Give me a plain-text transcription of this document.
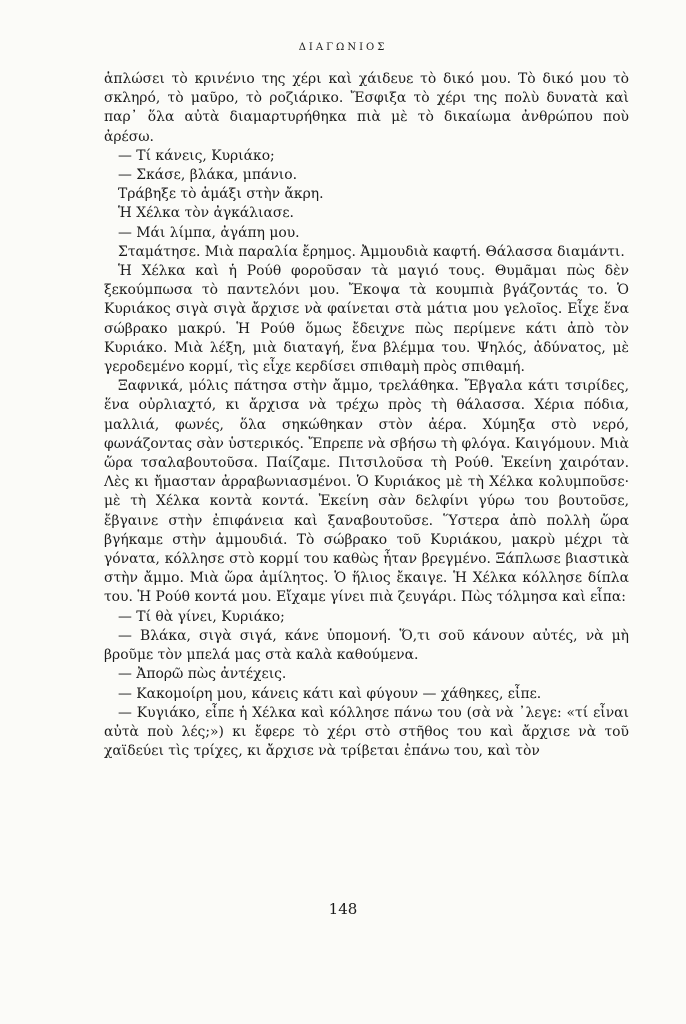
ΔΙΑΓΩΝΙΟΣ

ἁπλώσει τὸ κρινένιο της χέρι καὶ χάιδευε τὸ δικό μου. Τὸ δικό μου τὸ σκληρό, τὸ μαῦρο, τὸ ροζιάρικο. Ἔσφιξα τὸ χέρι της πολὺ δυνατὰ καὶ παρ᾽ ὅλα αὐτὰ διαμαρτυρήθηκα πιὰ μὲ τὸ δικαίωμα ἀνθρώπου ποὺ ἀρέσω.

— Τί κάνεις, Κυριάκο;

— Σκάσε, βλάκα, μπάνιο.

Τράβηξε τὸ ἁμάξι στὴν ἄκρη.

Ἡ Χέλκα τὸν ἀγκάλιασε.

— Μάι λίμπα, ἀγάπη μου.

Σταμάτησε. Μιὰ παραλία ἔρημος. Ἀμμουδιὰ καφτή. Θάλασσα διαμάντι.

Ἡ Χέλκα καὶ ἡ Ρούθ φοροῦσαν τὰ μαγιό τους. Θυμᾶμαι πὼς δὲν ξεκούμπωσα τὸ παντελόνι μου. Ἔκοψα τὰ κουμπιὰ βγάζοντάς το. Ὁ Κυριάκος σιγὰ σιγὰ ἄρχισε νὰ φαίνεται στὰ μάτια μου γελοῖος. Εἶχε ἕνα σώβρακο μακρύ. Ἡ Ρούθ ὅμως ἔδειχνε πὼς περίμενε κάτι ἀπὸ τὸν Κυριάκο. Μιὰ λέξη, μιὰ διαταγή, ἕνα βλέμμα του. Ψηλός, ἀδύνατος, μὲ γεροδεμένο κορμί, τὶς εἶχε κερδίσει σπιθαμὴ πρὸς σπιθαμή.

Ξαφνικά, μόλις πάτησα στὴν ἄμμο, τρελάθηκα. Ἔβγαλα κάτι τσιρίδες, ἕνα οὐρλιαχτό, κι ἄρχισα νὰ τρέχω πρὸς τὴ θάλασσα. Χέρια πόδια, μαλλιά, φωνές, ὅλα σηκώθηκαν στὸν ἀέρα. Χύμηξα στὸ νερό, φωνάζοντας σὰν ὑστερικός. Ἔπρεπε νὰ σβήσω τὴ φλόγα. Καιγόμουν. Μιὰ ὥρα τσαλαβουτοῦσα. Παίζαμε. Πιτσιλοῦσα τὴ Ρούθ. Ἐκείνη χαιρόταν. Λὲς κι ἤμασταν ἀρραβωνιασμένοι. Ὁ Κυριάκος μὲ τὴ Χέλκα κολυμποῦσε· μὲ τὴ Χέλκα κοντὰ κοντά. Ἐκείνη σὰν δελφίνι γύρω του βουτοῦσε, ἔβγαινε στὴν ἐπιφάνεια καὶ ξαναβουτοῦσε. Ὕστερα ἀπὸ πολλὴ ὥρα βγήκαμε στὴν ἀμμουδιά. Τὸ σώβρακο τοῦ Κυριάκου, μακρὺ μέχρι τὰ γόνατα, κόλλησε στὸ κορμί του καθὼς ἦταν βρεγμένο. Ξάπλωσε βιαστικὰ στὴν ἄμμο. Μιὰ ὥρα ἀμίλητος. Ὁ ἥλιος ἔκαιγε. Ἡ Χέλκα κόλλησε δίπλα του. Ἡ Ρούθ κοντά μου. Εἴχαμε γίνει πιὰ ζευγάρι. Πὼς τόλμησα καὶ εἶπα:

— Τί θὰ γίνει, Κυριάκο;

— Βλάκα, σιγὰ σιγά, κάνε ὑπομονή. Ὅ,τι σοῦ κάνουν αὐτές, νὰ μὴ βροῦμε τὸν μπελά μας στὰ καλὰ καθούμενα.

— Ἀπορῶ πὼς ἀντέχεις.

— Κακομοίρη μου, κάνεις κάτι καὶ φύγουν — χάθηκες, εἶπε.

— Κυγιάκο, εἶπε ἡ Χέλκα καὶ κόλλησε πάνω του (σὰ νὰ ᾽λεγε: «τί εἶναι αὐτὰ ποὺ λές;») κι ἔφερε τὸ χέρι στὸ στῆθος του καὶ ἄρχισε νὰ τοῦ χαϊδεύει τὶς τρίχες, κι ἄρχισε νὰ τρίβεται ἐπάνω του, καὶ τὸν

148
